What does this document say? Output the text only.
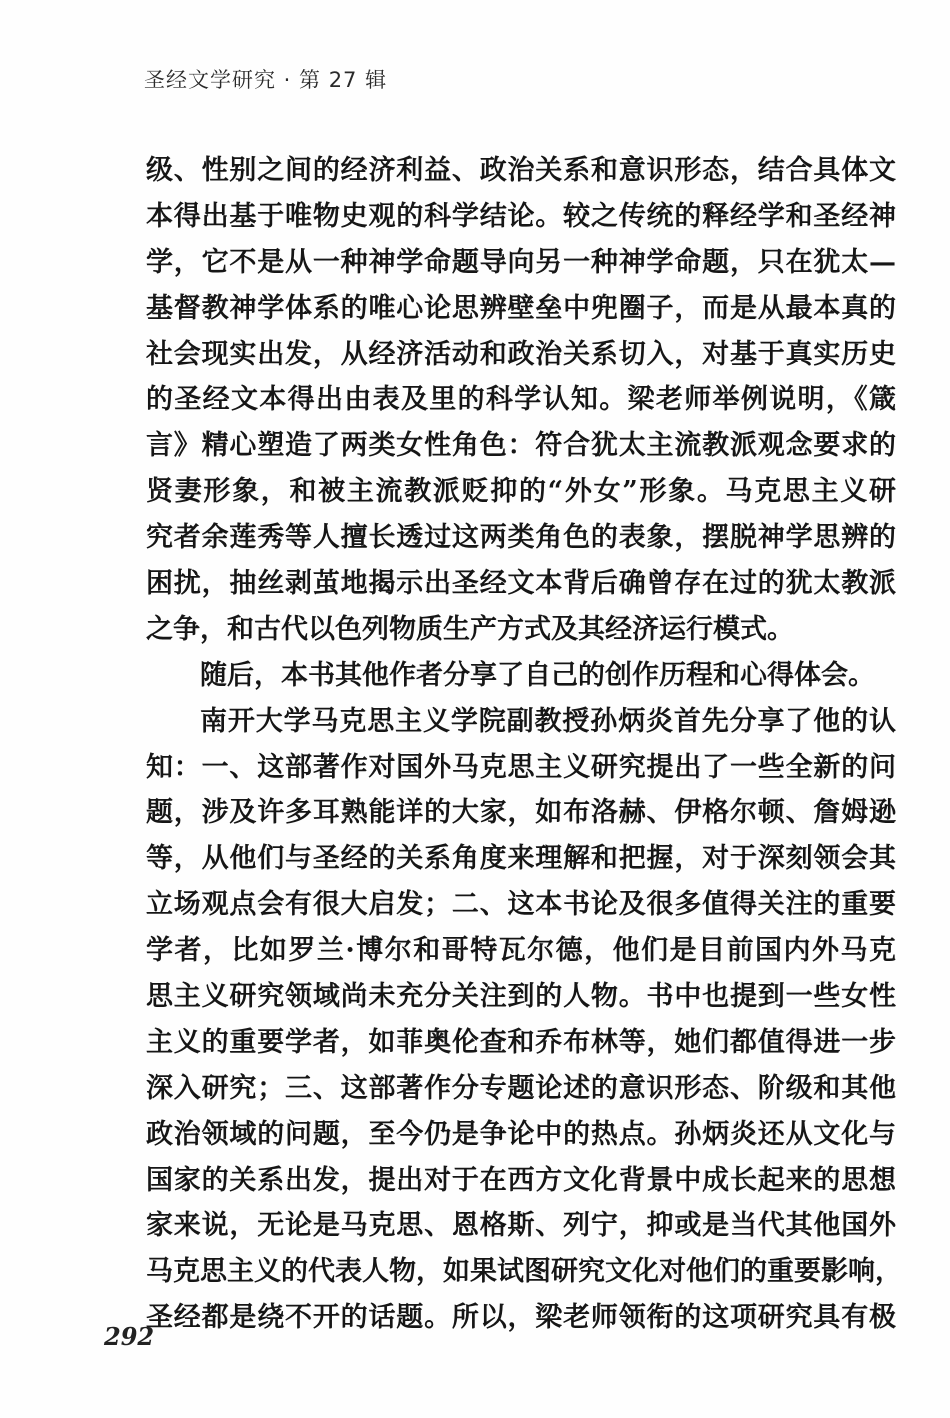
圣经文学研究 · 第 27 辑
级、性别之间的经济利益、政治关系和意识形态，结合具体文
本得出基于唯物史观的科学结论。较之传统的释经学和圣经神
学，它不是从一种神学命题导向另一种神学命题，只在犹太—
基督教神学体系的唯心论思辨壁垒中兜圈子，而是从最本真的
社会现实出发，从经济活动和政治关系切入，对基于真实历史
的圣经文本得出由表及里的科学认知。梁老师举例说明，《箴
言》精心塑造了两类女性角色：符合犹太主流教派观念要求的
贤妻形象，和被主流教派贬抑的“外女”形象。马克思主义研
究者余莲秀等人擅长透过这两类角色的表象，摆脱神学思辨的
困扰，抽丝剥茧地揭示出圣经文本背后确曾存在过的犹太教派
之争，和古代以色列物质生产方式及其经济运行模式。
随后，本书其他作者分享了自己的创作历程和心得体会。
南开大学马克思主义学院副教授孙炳炎首先分享了他的认
知：一、这部著作对国外马克思主义研究提出了一些全新的问
题，涉及许多耳熟能详的大家，如布洛赫、伊格尔顿、詹姆逊
等，从他们与圣经的关系角度来理解和把握，对于深刻领会其
立场观点会有很大启发；二、这本书论及很多值得关注的重要
学者，比如罗兰·博尔和哥特瓦尔德，他们是目前国内外马克
思主义研究领域尚未充分关注到的人物。书中也提到一些女性
主义的重要学者，如菲奥伦查和乔布林等，她们都值得进一步
深入研究；三、这部著作分专题论述的意识形态、阶级和其他
政治领域的问题，至今仍是争论中的热点。孙炳炎还从文化与
国家的关系出发，提出对于在西方文化背景中成长起来的思想
家来说，无论是马克思、恩格斯、列宁，抑或是当代其他国外
马克思主义的代表人物，如果试图研究文化对他们的重要影响，
圣经都是绕不开的话题。所以，梁老师领衔的这项研究具有极
292
